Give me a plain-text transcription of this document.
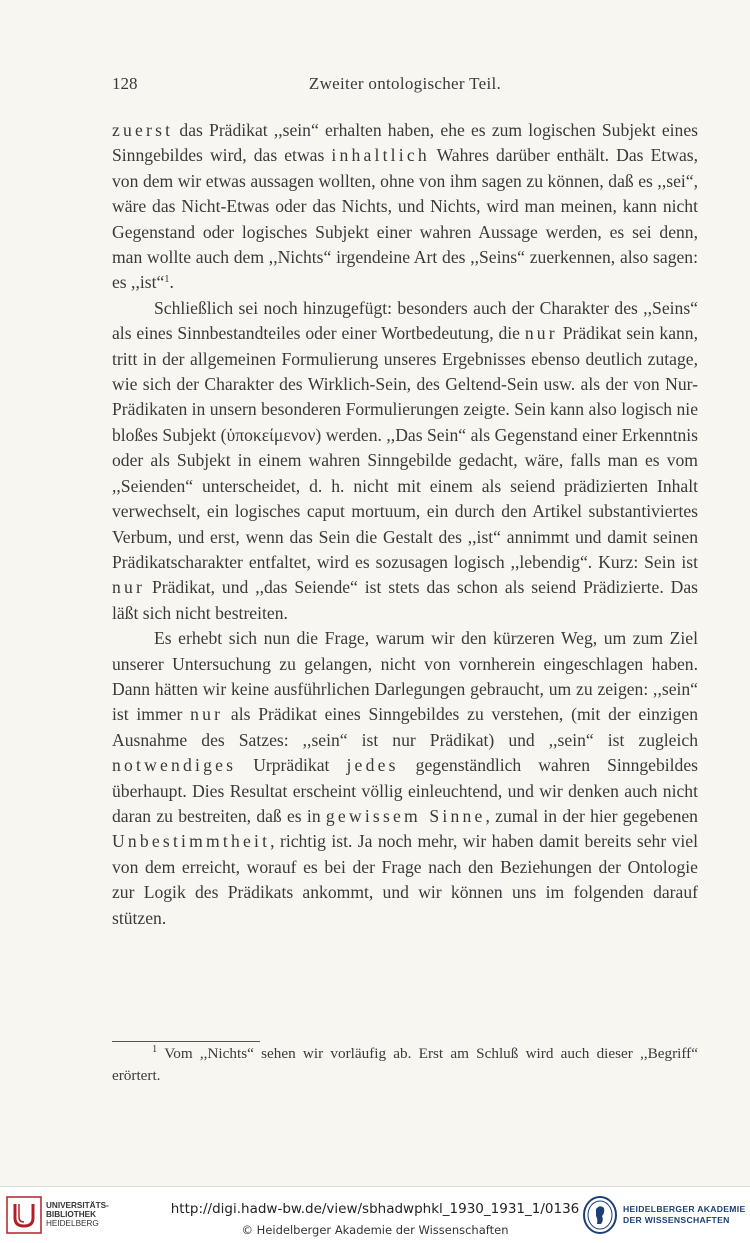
128	Zweiter ontologischer Teil.

zuerst das Prädikat ,,sein“ erhalten haben, ehe es zum logischen Subjekt eines Sinngebildes wird, das etwas inhaltlich Wahres darüber enthält. Das Etwas, von dem wir etwas aussagen wollten, ohne von ihm sagen zu können, daß es ,,sei“, wäre das Nicht-Etwas oder das Nichts, und Nichts, wird man meinen, kann nicht Gegenstand oder logisches Subjekt einer wahren Aussage werden, es sei denn, man wollte auch dem ,,Nichts“ irgendeine Art des ,,Seins“ zuerkennen, also sagen: es ,,ist“$^1$.

Schließlich sei noch hinzugefügt: besonders auch der Charakter des ,,Seins“ als eines Sinnbestandteiles oder einer Wortbedeutung, die nur Prädikat sein kann, tritt in der allgemeinen Formulierung unseres Ergebnisses ebenso deutlich zutage, wie sich der Charakter des Wirklich-Sein, des Geltend-Sein usw. als der von Nur-Prädikaten in unsern besonderen Formulierungen zeigte. Sein kann also logisch nie bloßes Subjekt (ὑποκείμενον) werden. ,,Das Sein“ als Gegenstand einer Erkenntnis oder als Subjekt in einem wahren Sinngebilde gedacht, wäre, falls man es vom ,,Seienden“ unterscheidet, d. h. nicht mit einem als seiend prädizierten Inhalt verwechselt, ein logisches caput mortuum, ein durch den Artikel substantiviertes Verbum, und erst, wenn das Sein die Gestalt des ,,ist“ annimmt und damit seinen Prädikatscharakter entfaltet, wird es sozusagen logisch ,,lebendig“. Kurz: Sein ist nur Prädikat, und ,,das Seiende“ ist stets das schon als seiend Prädizierte. Das läßt sich nicht bestreiten.

Es erhebt sich nun die Frage, warum wir den kürzeren Weg, um zum Ziel unserer Untersuchung zu gelangen, nicht von vornherein eingeschlagen haben. Dann hätten wir keine ausführlichen Darlegungen gebraucht, um zu zeigen: ,,sein“ ist immer nur als Prädikat eines Sinngebildes zu verstehen, (mit der einzigen Ausnahme des Satzes: ,,sein“ ist nur Prädikat) und ,,sein“ ist zugleich notwendiges Urprädikat jedes gegenständlich wahren Sinngebildes überhaupt. Dies Resultat erscheint völlig einleuchtend, und wir denken auch nicht daran zu bestreiten, daß es in gewissem Sinne, zumal in der hier gegebenen Unbestimmtheit, richtig ist. Ja noch mehr, wir haben damit bereits sehr viel von dem erreicht, worauf es bei der Frage nach den Beziehungen der Ontologie zur Logik des Prädikats ankommt, und wir können uns im folgenden darauf stützen.

$^1$ Vom ,,Nichts“ sehen wir vorläufig ab. Erst am Schluß wird auch dieser ,,Begriff“ erörtert.
UNIVERSITÄTS-
BIBLIOTHEK
HEIDELBERG
http://digi.hadw-bw.de/view/sbhadwphkl_1930_1931_1/0136
© Heidelberger Akademie der Wissenschaften
HEIDELBERGER AKADEMIE
DER WISSENSCHAFTEN
